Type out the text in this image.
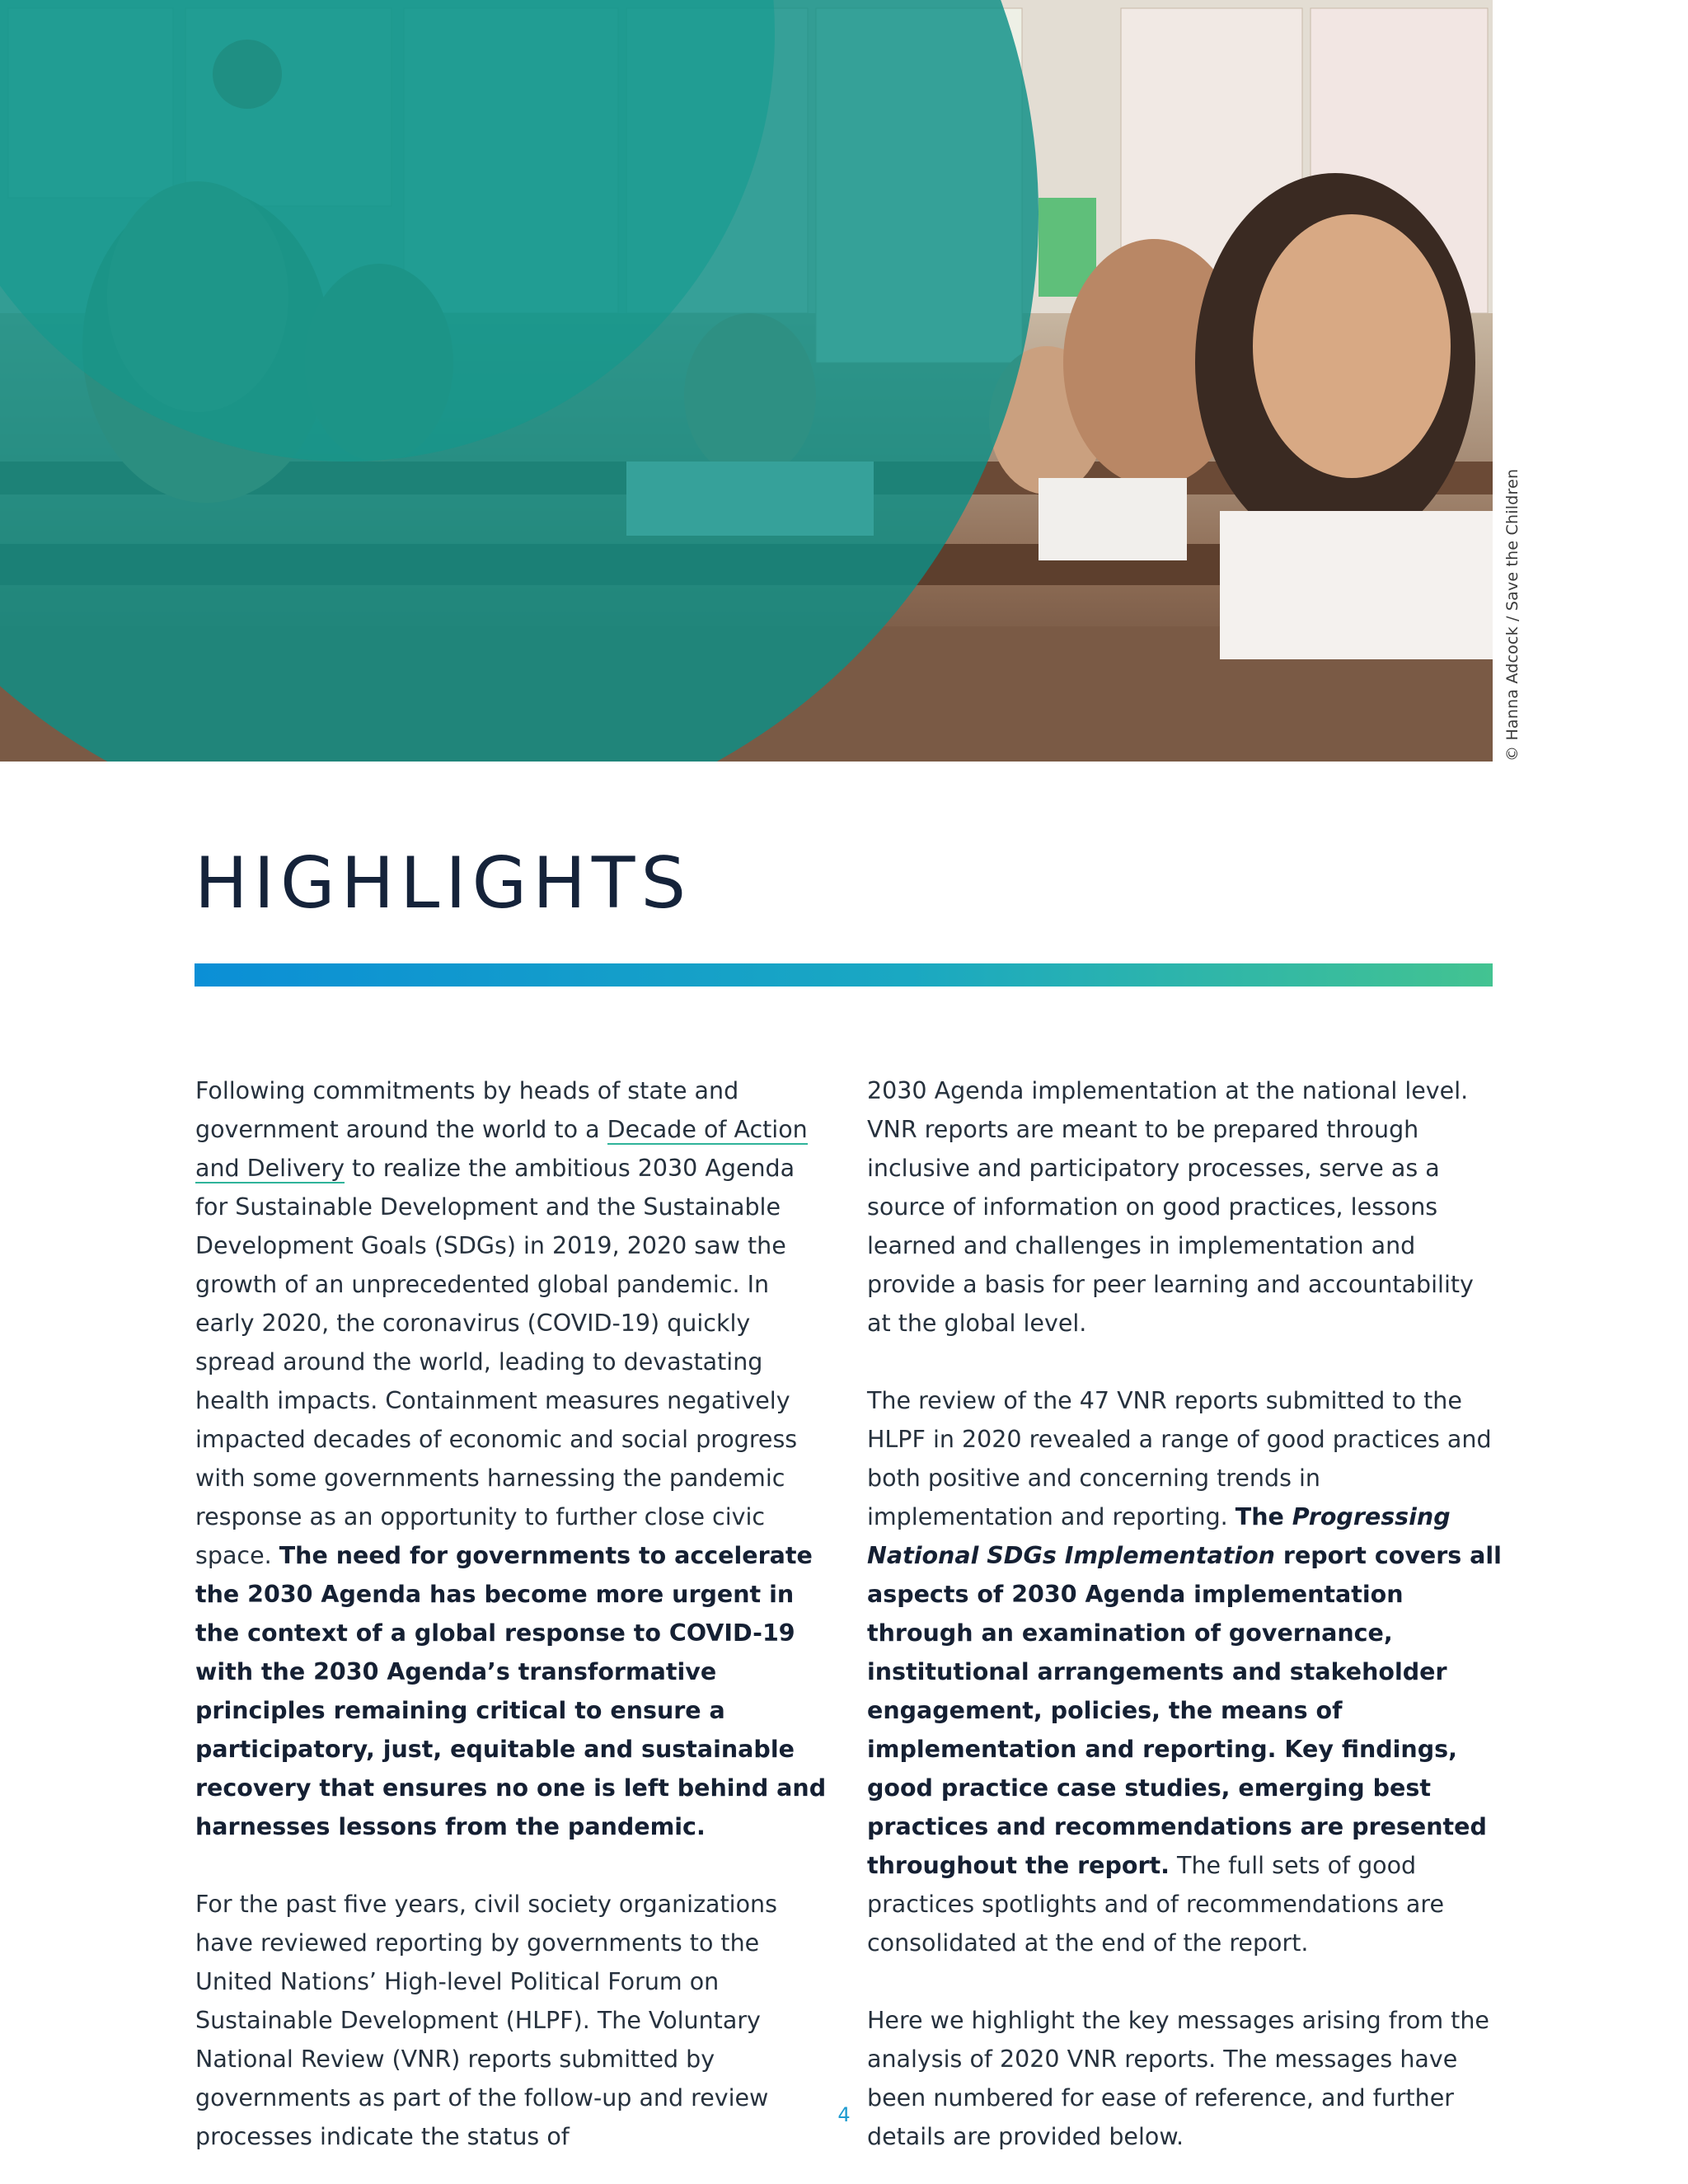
© Hanna Adcock / Save the Children
HIGHLIGHTS

Following commitments by heads of state and government around the world to a Decade of Action and Delivery to realize the ambitious 2030 Agenda for Sustainable Development and the Sustainable Development Goals (SDGs) in 2019, 2020 saw the growth of an unprecedented global pandemic. In early 2020, the coronavirus (COVID-19) quickly spread around the world, leading to devastating health impacts. Containment measures negatively impacted decades of economic and social progress with some governments harnessing the pandemic response as an opportunity to further close civic space. The need for governments to accelerate the 2030 Agenda has become more urgent in the context of a global response to COVID-19 with the 2030 Agenda’s transformative principles remaining critical to ensure a participatory, just, equitable and sustainable recovery that ensures no one is left behind and harnesses lessons from the pandemic.

For the past five years, civil society organizations have reviewed reporting by governments to the United Nations’ High-level Political Forum on Sustainable Development (HLPF). The Voluntary National Review (VNR) reports submitted by governments as part of the follow-up and review processes indicate the status of

2030 Agenda implementation at the national level. VNR reports are meant to be prepared through inclusive and participatory processes, serve as a source of information on good practices, lessons learned and challenges in implementation and provide a basis for peer learning and accountability at the global level.

The review of the 47 VNR reports submitted to the HLPF in 2020 revealed a range of good practices and both positive and concerning trends in implementation and reporting. The Progressing National SDGs Implementation report covers all aspects of 2030 Agenda implementation through an examination of governance, institutional arrangements and stakeholder engagement, policies, the means of implementation and reporting. Key findings, good practice case studies, emerging best practices and recommendations are presented throughout the report. The full sets of good practices spotlights and of recommendations are consolidated at the end of the report.

Here we highlight the key messages arising from the analysis of 2020 VNR reports. The messages have been numbered for ease of reference, and further details are provided below.

4
